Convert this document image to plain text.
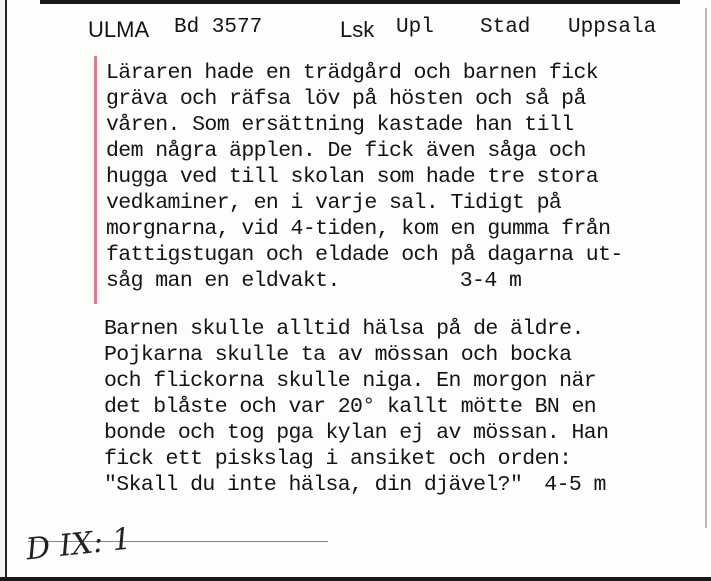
ULMA Bd 3577	Lsk Upl Stad Uppsala
Läraren hade en trädgård och barnen fick
gräva och räfsa löv på hösten och så på
våren. Som ersättning kastade han till
dem några äpplen. De fick även såga och
hugga ved till skolan som hade tre stora
vedkaminer, en i varje sal. Tidigt på
morgnarna, vid 4-tiden, kom en gumma från
fattigstugan och eldade och på dagarna ut-
såg man en eldvakt.	3-4 m
Barnen skulle alltid hälsa på de äldre.
Pojkarna skulle ta av mössan och bocka
och flickorna skulle niga. En morgon när
det blåste och var 20° kallt mötte BN en
bonde och tog pga kylan ej av mössan. Han
fick ett piskslag i ansiket och orden:
"Skall du inte hälsa, din djävel?" 4-5 m
D IX: 1
